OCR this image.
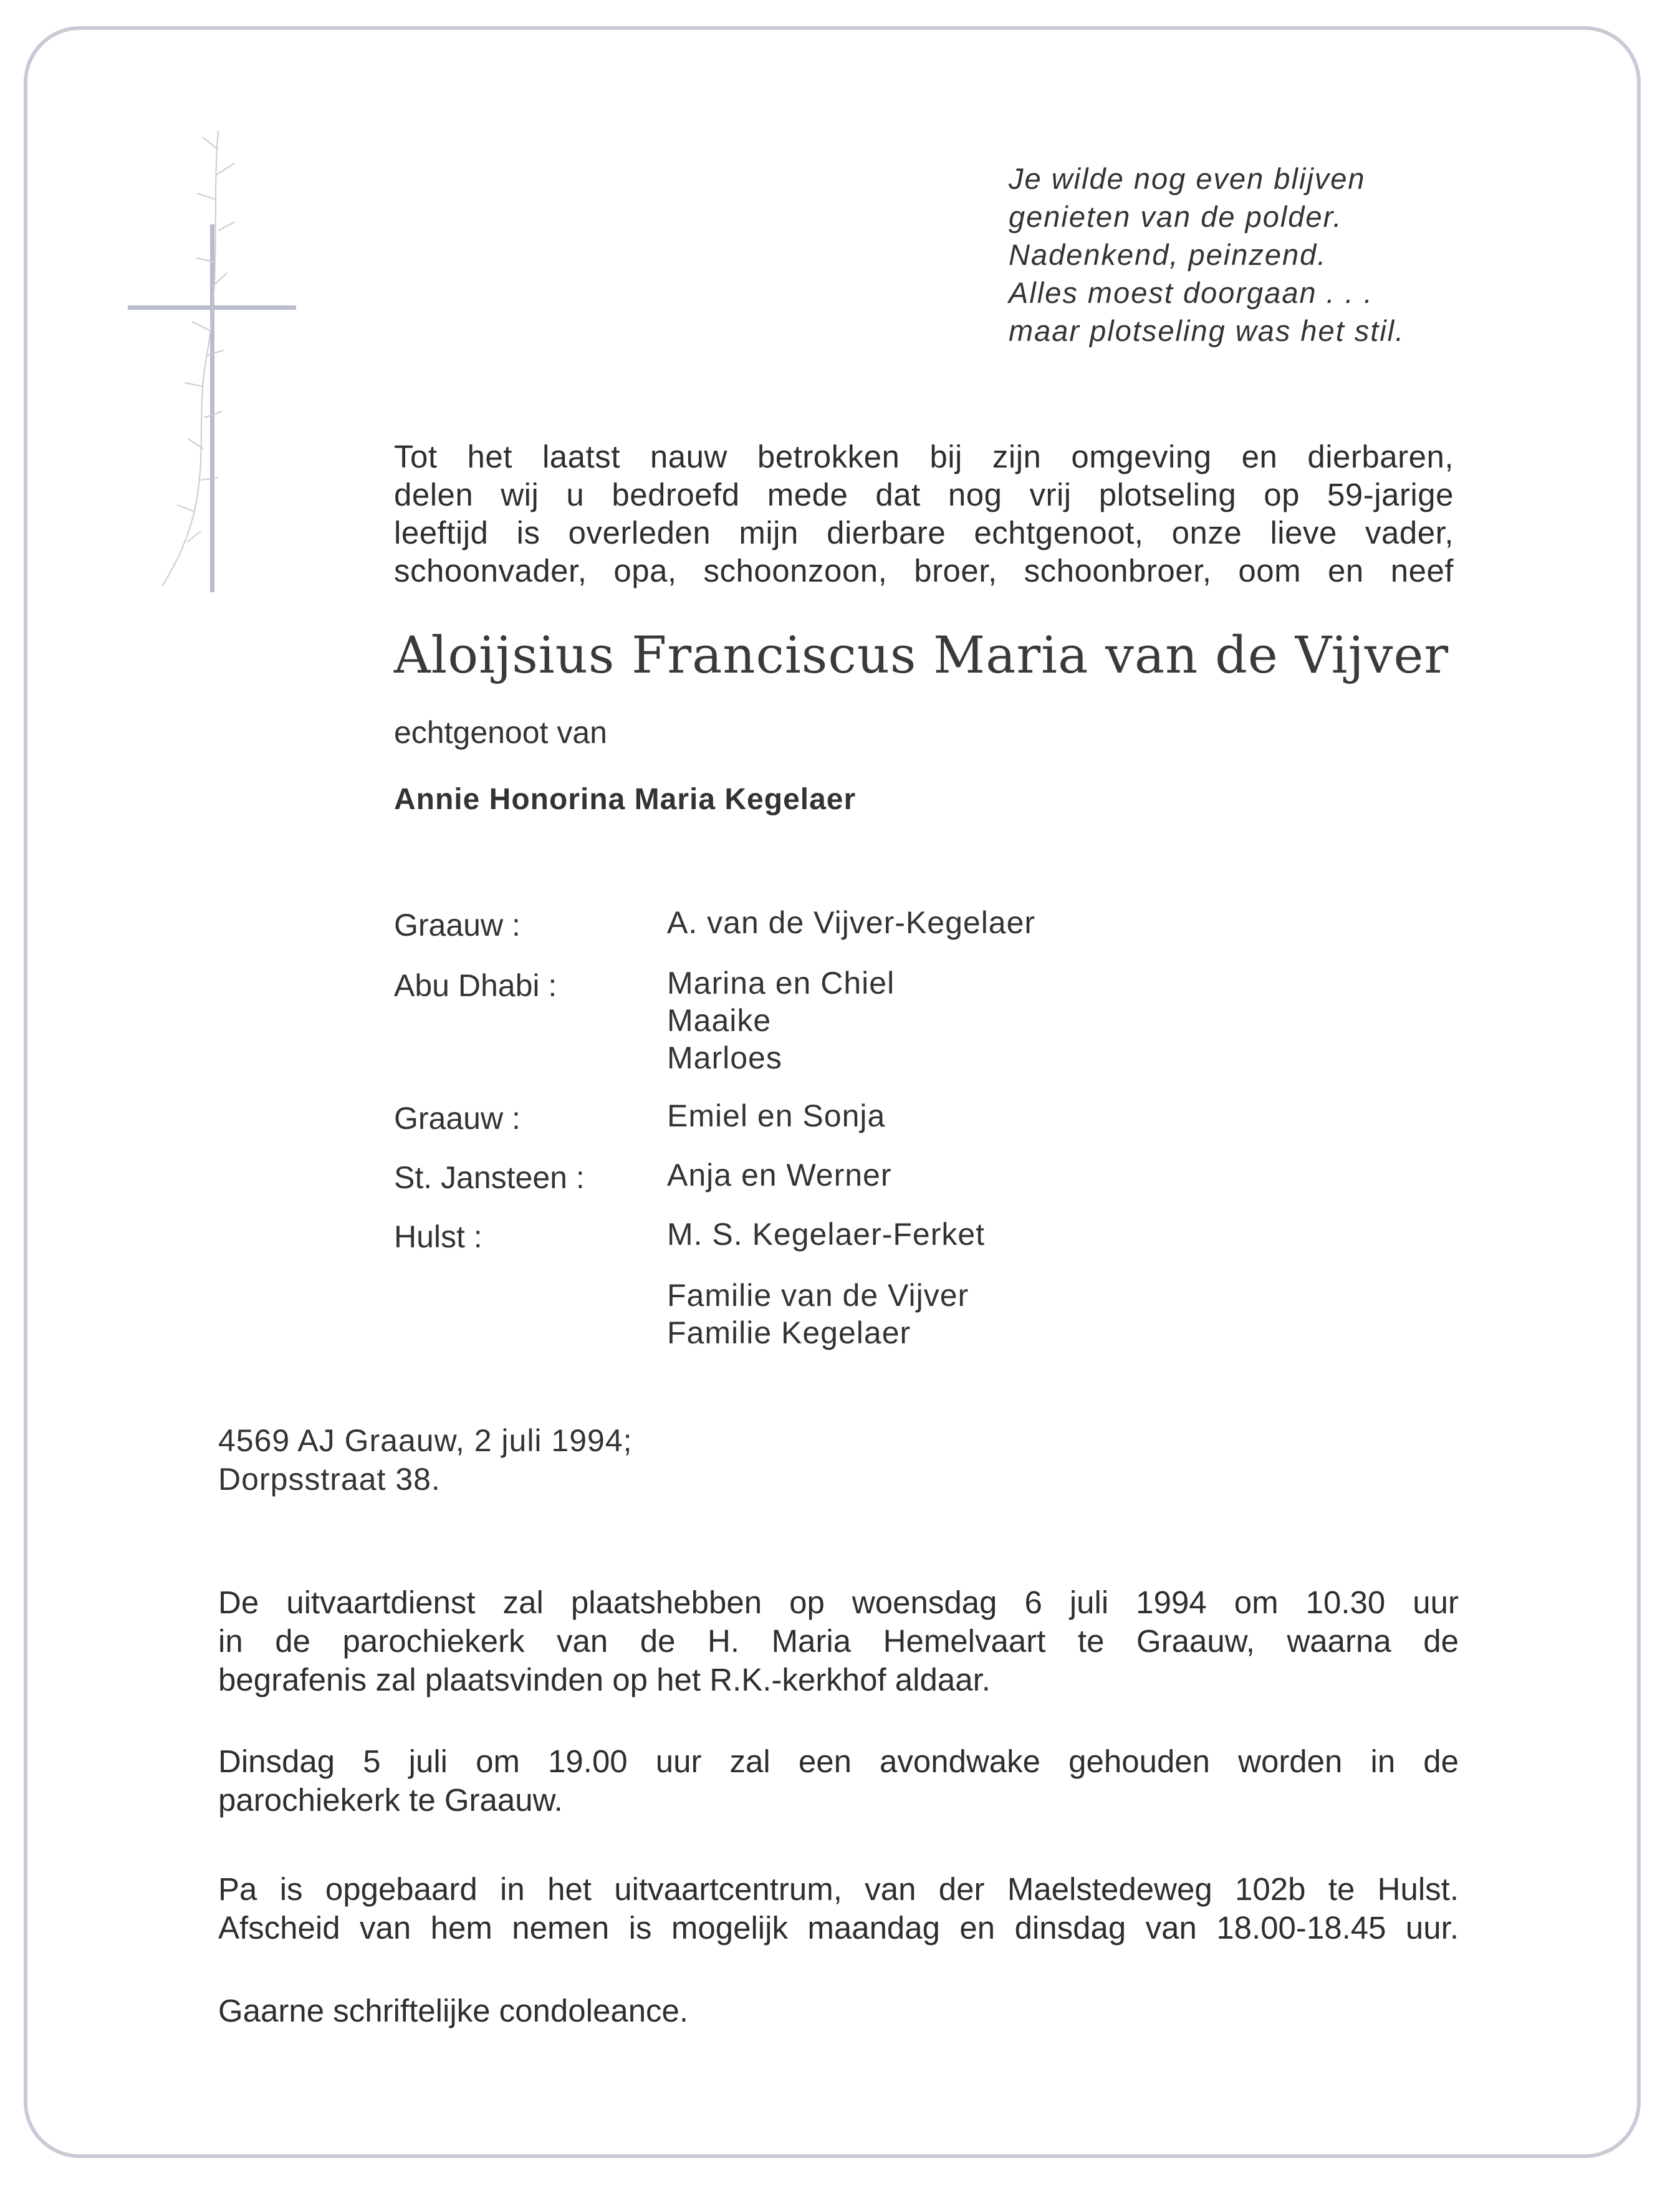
Je wilde nog even blijven
genieten van de polder.
Nadenkend, peinzend.
Alles moest doorgaan . . .
maar plotseling was het stil.
Tot het laatst nauw betrokken bij zijn omgeving en dierbaren,
delen wij u bedroefd mede dat nog vrij plotseling op 59-jarige
leeftijd is overleden mijn dierbare echtgenoot, onze lieve vader,
schoonvader, opa, schoonzoon, broer, schoonbroer, oom en neef
Aloijsius Franciscus Maria van de Vijver
echtgenoot van
Annie Honorina Maria Kegelaer
Graauw :	A. van de Vijver-Kegelaer
Abu Dhabi :	Marina en Chiel
Maaike
Marloes
Graauw :	Emiel en Sonja
St. Jansteen :	Anja en Werner
Hulst :	M. S. Kegelaer-Ferket
Familie van de Vijver
Familie Kegelaer
4569 AJ Graauw, 2 juli 1994;
Dorpsstraat 38.
De uitvaartdienst zal plaatshebben op woensdag 6 juli 1994 om 10.30 uur
in de parochiekerk van de H. Maria Hemelvaart te Graauw, waarna de
begrafenis zal plaatsvinden op het R.K.-kerkhof aldaar.
Dinsdag 5 juli om 19.00 uur zal een avondwake gehouden worden in de
parochiekerk te Graauw.
Pa is opgebaard in het uitvaartcentrum, van der Maelstedeweg 102b te Hulst.
Afscheid van hem nemen is mogelijk maandag en dinsdag van 18.00-18.45 uur.
Gaarne schriftelijke condoleance.
